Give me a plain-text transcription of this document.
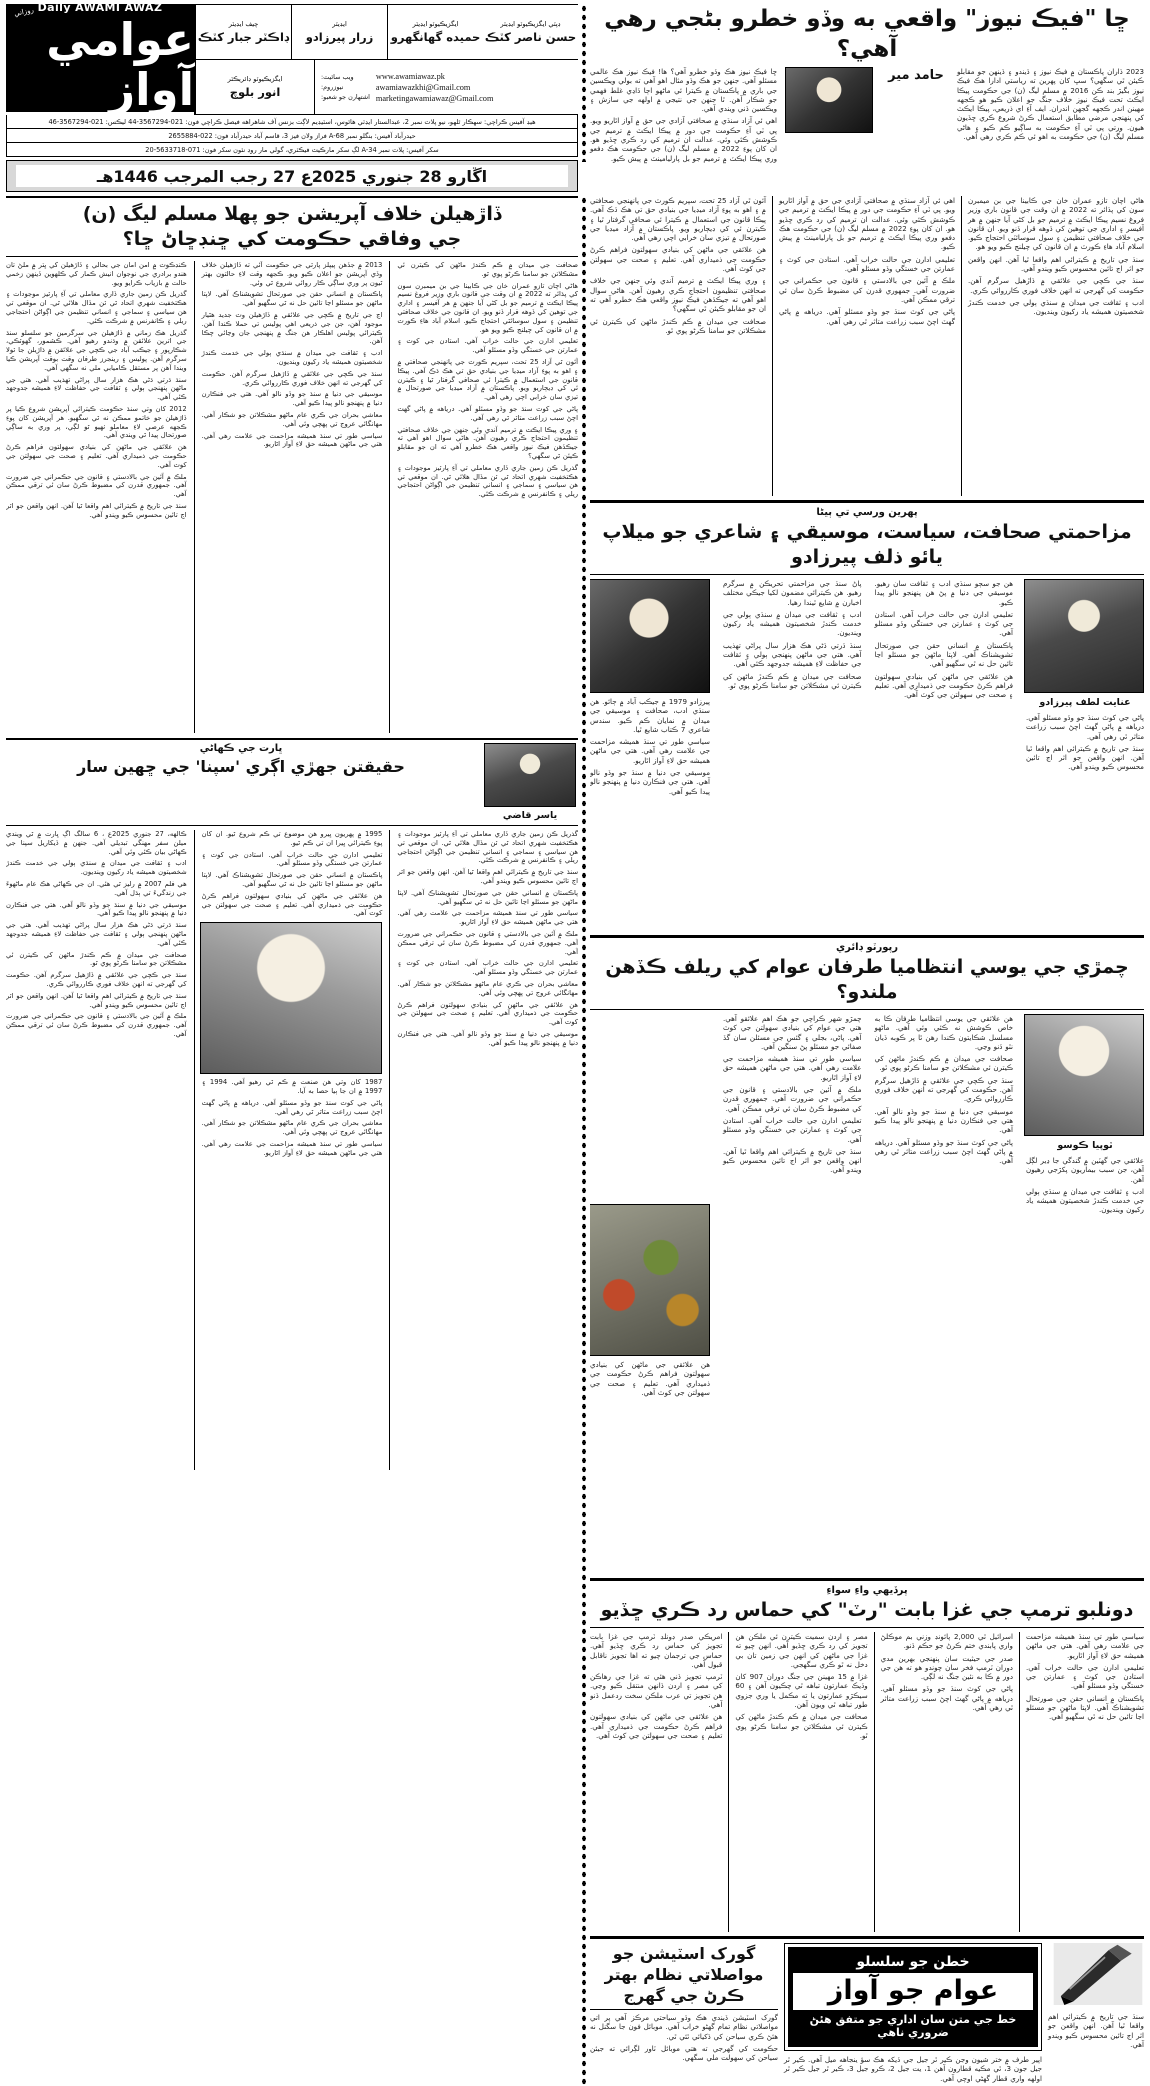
روزاني Daily AWAMI AWAZ
عوامي آواز
چيف ايڊيٽر
ڊاڪٽر جبار کٽڪ
ايڊيٽر
زرار پيرزادو
ايگزيڪيوٽو ايڊيٽر
حميده گھانگھرو
ڊپٽي ايگزيڪيوٽو ايڊيٽر
حسن ناصر کٽڪ
ايگزيڪيوٽو ڊائريڪٽر
انور بلوچ
ويب سائيٽ:
نيوزروم:
اشتهارن جو شعبو:
www.awamiawaz.pk
awamiawazkhi@Gmail.com
marketingawamiawaz@Gmail.com
هيڊ آفيس ڪراچي: سهڪار ٿلهو، نيو پلاٽ نمبر 2، عبدالستار ايڊٽي هائوس، اسٽيڊيم لاڳت بزنس آف شاهراهه فيصل ڪراچي فون: 021-3567294-44 ليڪس: 021-3567294-46
حيدرآباد آفيس: بنگلو نمبر A-68 فراز ولان فيز 3، قاسم آباد حيدرآباد فون: 022-2655884
سکر آفيس: پلاٽ نمبر A-34 لڳ سکر مارڪيٽ فيڪٽري، گولي مار روڊ نئون سکر فون: 071-5633718-20
اڱارو 28 جنوري 2025ع 27 رجب المرجب 1446هـ
ڇا "فيڪ نيوز" واقعي به وڏو خطرو بڻجي رهي آهي؟

ڇا فيڪ نيوز هڪ وڏو خطرو آهي؟ ها! فيڪ نيوز هڪ عالمي مسئلو آهي. جنهن جو هڪ وڏو مثال اهو آهي ته بولي ويڪسين جي باري ۾ پاڪستان ۾ ڪيترا ئي ماڻهو اڄا ڏاڍي غلط فهمي جو شڪار آهن. ٿا جنهن جي نتيجي ۾ اولهه جي سازش ۽ ويڪسين ڏني ويندي آهي.

اهي ئي آزاد سنڌي ۾ صحافتي آزادي جي حق ۾ آواز اٿاريو ويو. پي ٽي آءِ حڪومت جي دور ۾ پيڪا ايڪٽ ۾ ترميم جي ڪوشش ڪئي وئي. عدالت ان ترميم کي رد ڪري ڇڏيو هو. ان کان پوءِ 2022 ۾ مسلم ليگ (ن) جي حڪومت هڪ دفعو وري پيڪا ايڪٽ ۾ ترميم جو بل پارليامينٽ ۾ پيش ڪيو.

حامد مير	2023 ڌاران پاڪستان ۾ فيڪ نيوز ۽ ڏيندو ۽ ڏينهن جو مقابلو ڪيئن ٿي سگهي؟ سڀ کان پهرين ته رياستي ادارا هڪ فيڪ نيوز بگيڙ بند ڪن 2016 ۾ مسلم ليگ (ن) جي حڪومت پيڪا ايڪٽ تحت فيڪ نيوز خلاف جنگ جو اعلان ڪيو هو ڪجهه مهينن اندر ڪجهه گجهن اندران. ايف آءِ اي ذريعي، پيڪا ايڪٽ کي پنهنجي مرضي مطابق استعمال ڪرڻ شروع ڪري ڇڏيون هيون. ورتي پي ٽي آءِ حڪومت به ساڳيو ڪم ڪيو ۽ هاڻي مسلم ليگ (ن) جي حڪومت به اهو ئي ڪم ڪري رهي آهي.

ڏاڙهيلن خلاف آپريشن جو پهلا مسلم ليگ (ن)
جي وفاقي حڪومت کي ڇنڊڇاڻ ڇا؟

ڪنڊڪوٽ ۾ امن امان جي بحالي ۽ ڏاڙهيلن کي ڀتر ۾ ملڻ تان هندو برادري جي نوجوان انيش ڪمار کي ڪلهوين ڏينهن زخمي حالت ۾ بازياب ڪرايو ويو.

گذريل ڪن زمين جاري ڏاري معاملي تي آءِ پارٽيز موجودات ۽ هڪتخفيت شهري اتحاد ٿي ٽن مڏال هلائي ٿي. ان موقعي تي هن سياسي ۽ سماجي ۽ انساني تنظيمن جي اڳواڻن احتجاجي ريلي ۽ ڪانفرنس ۾ شرڪت ڪئي.

گذريل هڪ زماني ۾ ڏاڙهيلن جي سرگرمين جو سلسلو سنڌ جي اترين علائقن ۾ وڌندو رهيو آهي. ڪشمور، گھوٽڪي، شڪارپور ۽ جيڪب آباد جي ڪچي جي علائقن ۾ ڌاڙيلن جا ٽولا سرگرم آهن. پوليس ۽ رينجرز طرفان وقت بوقت آپريشن ڪيا ويندا آهن پر مستقل ڪاميابي ملي نه سگهي آهي.

سنڌ ڌرتي ڌڻي هڪ هزار سال پراڻي تهذيب آهي. هتي جي ماڻهن پنهنجي ٻولي ۽ ثقافت جي حفاظت لاءِ هميشه جدوجهد ڪئي آهي.

2012 کان وٺي سنڌ حڪومت ڪيترائي آپريشن شروع ڪيا پر ڏاڙهيلن جو خاتمو ممڪن نه ٿي سگهيو. هر آپريشن کان پوءِ ڪجهه عرصي لاءِ معاملو ٺهيو ٿو لڳي، پر وري به ساڳي صورتحال پيدا ٿي ويندي آهي.

هن علائقي جي ماڻهن کي بنيادي سهولتون فراهم ڪرڻ حڪومت جي ذميداري آهي. تعليم ۽ صحت جي سهولتن جي کوٽ آهي.

ملڪ ۾ آئين جي بالادستي ۽ قانون جي حڪمراني جي ضرورت آهي. جمهوري قدرن کي مضبوط ڪرڻ سان ئي ترقي ممڪن آهي.

سنڌ جي تاريخ ۾ ڪيترائي اهم واقعا ٿيا آهن. انهن واقعن جو اثر اڄ تائين محسوس ڪيو ويندو آهي.

2013 ۾ جڏهن پيپلز پارٽي جي حڪومت آئي ته ڏاڙهيلن خلاف وڏي آپريشن جو اعلان ڪيو ويو. ڪجهه وقت لاءِ حالتون بهتر ٿيون پر وري ساڳي ڪار روائي شروع ٿي وئي.

پاڪستان ۾ انساني حقن جي صورتحال تشويشناڪ آهي. لاپتا ماڻهن جو مسئلو اڃا تائين حل نه ٿي سگهيو آهي.

اڄ جي تاريخ ۾ ڪچي جي علائقي ۾ ڏاڙهيلن وٽ جديد هٿيار موجود آهن، جن جي ذريعي اهي پوليس تي حملا ڪندا آهن. ڪيترائي پوليس اهلڪار هن جنگ ۾ پنهنجي جان وڃائي چڪا آهن.

ادب ۽ ثقافت جي ميدان ۾ سنڌي ٻولي جي خدمت ڪندڙ شخصيتون هميشه ياد رکيون وينديون.

سنڌ جي ڪچي جي علائقي ۾ ڏاڙهيل سرگرم آهن. حڪومت کي گهرجي ته انهن خلاف فوري ڪارروائي ڪري.

موسيقي جي دنيا ۾ سنڌ جو وڏو نالو آهي. هتي جي فنڪارن دنيا ۾ پنهنجو نالو پيدا ڪيو آهي.

معاشي بحران جي ڪري عام ماڻهو مشڪلاتن جو شڪار آهي. مهانگائي عروج تي پهچي وئي آهي.

سياسي طور تي سنڌ هميشه مزاحمت جي علامت رهي آهي. هتي جي ماڻهن هميشه حق لاءِ آواز اٿاريو.

صحافت جي ميدان ۾ ڪم ڪندڙ ماڻهن کي ڪيترن ئي مشڪلاتن جو سامنا ڪرڻو پوي ٿو.

هاڻي اچان تازو عمران خان جي ڪابينا جي بن ميمبرن سون کي پڌائر ته 2022 ۾ ان وقت جي قانون باري وزير فروغ نسيم پيڪا ايڪٽ ۾ ترميم جو بل کڻي آيا جنهن ۾ هر آفيسر ۽ اداري جي توهين کي ڏوهه قرار ڏنو ويو. ان قانون جي خلاف صحافتي تنظيمن ۽ سول سوسائٽي احتجاج ڪيو. اسلام آباد هاءِ ڪورٽ ۾ ان قانون کي چيلنج ڪيو ويو هو.

تعليمي ادارن جي حالت خراب آهي. استادن جي کوٽ ۽ عمارتن جي خستگي وڏو مسئلو آهي.

آئون ٿي آزاد 25 تحت، سپريم ڪورٽ جي پانهنجي صحافتي ۾ ۽ اهو به پوءِ آزاد ميڊيا جي بنيادي حق تي هڪ ڌڪ آهي. پيڪا قانون جي استعمال ۾ ڪيترا ئي صحافي گرفتار ٿيا ۽ ڪيترن ئي کي ڊيڄاريو ويو. پاڪستان ۾ آزاد ميڊيا جي صورتحال ۾ تيزي سان خرابي اچي رهي آهي.

پاڻي جي کوٽ سنڌ جو وڏو مسئلو آهي. درياهه ۾ پاڻي گهٽ اچڻ سبب زراعت متاثر ٿي رهي آهي.

۽ وري پيڪا ايڪٽ ۾ ترميم آندي وئي جنهن جي خلاف صحافتي تنظيمون احتجاج ڪري رهيون آهن. هاڻي سوال اهو آهي ته جيڪڏهن فيڪ نيوز واقعي هڪ خطرو آهي ته ان جو مقابلو ڪيئن ٿي سگهي؟

گذريل ڪن زمين جاري ڏاري معاملي تي آءِ پارٽيز موجودات ۽ هڪتخفيت شهري اتحاد ٿي ٽن مڏال هلائي ٿي. ان موقعي تي هن سياسي ۽ سماجي ۽ انساني تنظيمن جي اڳواڻن احتجاجي ريلي ۽ ڪانفرنس ۾ شرڪت ڪئي.

ڀارت جي ڪهاڻي
حقيقتن جهڙي اڳري 'سپنا' جي ڇهين سار
ياسر قاضي

ڪالهه، 27 جنوري 2025ع ، 6 سالگ اڳ ڀارت ۾ ٿي ويندي ميلن سفر مهنگي تبديلي آهي. جنهن ۾ ڏيکاريل سپنا جي ڪهاڻي بيان ڪئي وئي آهي.

ادب ۽ ثقافت جي ميدان ۾ سنڌي ٻولي جي خدمت ڪندڙ شخصيتون هميشه ياد رکيون وينديون.

هي فلم 2007 ۾ رليز ٿي هئي. ان جي ڪهاڻي هڪ عام ماڻهوءَ جي زندگيءَ تي ٻڌل آهي.

موسيقي جي دنيا ۾ سنڌ جو وڏو نالو آهي. هتي جي فنڪارن دنيا ۾ پنهنجو نالو پيدا ڪيو آهي.

سنڌ ڌرتي ڌڻي هڪ هزار سال پراڻي تهذيب آهي. هتي جي ماڻهن پنهنجي ٻولي ۽ ثقافت جي حفاظت لاءِ هميشه جدوجهد ڪئي آهي.

صحافت جي ميدان ۾ ڪم ڪندڙ ماڻهن کي ڪيترن ئي مشڪلاتن جو سامنا ڪرڻو پوي ٿو.

سنڌ جي ڪچي جي علائقي ۾ ڏاڙهيل سرگرم آهن. حڪومت کي گهرجي ته انهن خلاف فوري ڪارروائي ڪري.

سنڌ جي تاريخ ۾ ڪيترائي اهم واقعا ٿيا آهن. انهن واقعن جو اثر اڄ تائين محسوس ڪيو ويندو آهي.

ملڪ ۾ آئين جي بالادستي ۽ قانون جي حڪمراني جي ضرورت آهي. جمهوري قدرن کي مضبوط ڪرڻ سان ئي ترقي ممڪن آهي.

1995 ۾ پهريون ڀيرو هن موضوع تي ڪم شروع ٿيو. ان کان پوءِ ڪيترائي ڀيرا ان تي ڪم ٿيو.

تعليمي ادارن جي حالت خراب آهي. استادن جي کوٽ ۽ عمارتن جي خستگي وڏو مسئلو آهي.

پاڪستان ۾ انساني حقن جي صورتحال تشويشناڪ آهي. لاپتا ماڻهن جو مسئلو اڃا تائين حل نه ٿي سگهيو آهي.

هن علائقي جي ماڻهن کي بنيادي سهولتون فراهم ڪرڻ حڪومت جي ذميداري آهي. تعليم ۽ صحت جي سهولتن جي کوٽ آهي.

1987 کان وٺي هن صنعت ۾ ڪم ٿي رهيو آهي. 1994 ۽ 1997 ۾ ان جا ٻيا حصا به آيا.

پاڻي جي کوٽ سنڌ جو وڏو مسئلو آهي. درياهه ۾ پاڻي گهٽ اچڻ سبب زراعت متاثر ٿي رهي آهي.

معاشي بحران جي ڪري عام ماڻهو مشڪلاتن جو شڪار آهي. مهانگائي عروج تي پهچي وئي آهي.

سياسي طور تي سنڌ هميشه مزاحمت جي علامت رهي آهي. هتي جي ماڻهن هميشه حق لاءِ آواز اٿاريو.

گذريل ڪن زمين جاري ڏاري معاملي تي آءِ پارٽيز موجودات ۽ هڪتخفيت شهري اتحاد ٿي ٽن مڏال هلائي ٿي. ان موقعي تي هن سياسي ۽ سماجي ۽ انساني تنظيمن جي اڳواڻن احتجاجي ريلي ۽ ڪانفرنس ۾ شرڪت ڪئي.

سنڌ جي تاريخ ۾ ڪيترائي اهم واقعا ٿيا آهن. انهن واقعن جو اثر اڄ تائين محسوس ڪيو ويندو آهي.

پاڪستان ۾ انساني حقن جي صورتحال تشويشناڪ آهي. لاپتا ماڻهن جو مسئلو اڃا تائين حل نه ٿي سگهيو آهي.

سياسي طور تي سنڌ هميشه مزاحمت جي علامت رهي آهي. هتي جي ماڻهن هميشه حق لاءِ آواز اٿاريو.

ملڪ ۾ آئين جي بالادستي ۽ قانون جي حڪمراني جي ضرورت آهي. جمهوري قدرن کي مضبوط ڪرڻ سان ئي ترقي ممڪن آهي.

تعليمي ادارن جي حالت خراب آهي. استادن جي کوٽ ۽ عمارتن جي خستگي وڏو مسئلو آهي.

معاشي بحران جي ڪري عام ماڻهو مشڪلاتن جو شڪار آهي. مهانگائي عروج تي پهچي وئي آهي.

هن علائقي جي ماڻهن کي بنيادي سهولتون فراهم ڪرڻ حڪومت جي ذميداري آهي. تعليم ۽ صحت جي سهولتن جي کوٽ آهي.

موسيقي جي دنيا ۾ سنڌ جو وڏو نالو آهي. هتي جي فنڪارن دنيا ۾ پنهنجو نالو پيدا ڪيو آهي.

آئون ٿي آزاد 25 تحت، سپريم ڪورٽ جي پانهنجي صحافتي ۾ ۽ اهو به پوءِ آزاد ميڊيا جي بنيادي حق تي هڪ ڌڪ آهي. پيڪا قانون جي استعمال ۾ ڪيترا ئي صحافي گرفتار ٿيا ۽ ڪيترن ئي کي ڊيڄاريو ويو. پاڪستان ۾ آزاد ميڊيا جي صورتحال ۾ تيزي سان خرابي اچي رهي آهي.

هن علائقي جي ماڻهن کي بنيادي سهولتون فراهم ڪرڻ حڪومت جي ذميداري آهي. تعليم ۽ صحت جي سهولتن جي کوٽ آهي.

۽ وري پيڪا ايڪٽ ۾ ترميم آندي وئي جنهن جي خلاف صحافتي تنظيمون احتجاج ڪري رهيون آهن. هاڻي سوال اهو آهي ته جيڪڏهن فيڪ نيوز واقعي هڪ خطرو آهي ته ان جو مقابلو ڪيئن ٿي سگهي؟

صحافت جي ميدان ۾ ڪم ڪندڙ ماڻهن کي ڪيترن ئي مشڪلاتن جو سامنا ڪرڻو پوي ٿو.

اهي ئي آزاد سنڌي ۾ صحافتي آزادي جي حق ۾ آواز اٿاريو ويو. پي ٽي آءِ حڪومت جي دور ۾ پيڪا ايڪٽ ۾ ترميم جي ڪوشش ڪئي وئي. عدالت ان ترميم کي رد ڪري ڇڏيو هو. ان کان پوءِ 2022 ۾ مسلم ليگ (ن) جي حڪومت هڪ دفعو وري پيڪا ايڪٽ ۾ ترميم جو بل پارليامينٽ ۾ پيش ڪيو.

تعليمي ادارن جي حالت خراب آهي. استادن جي کوٽ ۽ عمارتن جي خستگي وڏو مسئلو آهي.

ملڪ ۾ آئين جي بالادستي ۽ قانون جي حڪمراني جي ضرورت آهي. جمهوري قدرن کي مضبوط ڪرڻ سان ئي ترقي ممڪن آهي.

پاڻي جي کوٽ سنڌ جو وڏو مسئلو آهي. درياهه ۾ پاڻي گهٽ اچڻ سبب زراعت متاثر ٿي رهي آهي.

هاڻي اچان تازو عمران خان جي ڪابينا جي بن ميمبرن سون کي پڌائر ته 2022 ۾ ان وقت جي قانون باري وزير فروغ نسيم پيڪا ايڪٽ ۾ ترميم جو بل کڻي آيا جنهن ۾ هر آفيسر ۽ اداري جي توهين کي ڏوهه قرار ڏنو ويو. ان قانون جي خلاف صحافتي تنظيمن ۽ سول سوسائٽي احتجاج ڪيو. اسلام آباد هاءِ ڪورٽ ۾ ان قانون کي چيلنج ڪيو ويو هو.

سنڌ جي تاريخ ۾ ڪيترائي اهم واقعا ٿيا آهن. انهن واقعن جو اثر اڄ تائين محسوس ڪيو ويندو آهي.

سنڌ جي ڪچي جي علائقي ۾ ڏاڙهيل سرگرم آهن. حڪومت کي گهرجي ته انهن خلاف فوري ڪارروائي ڪري.

ادب ۽ ثقافت جي ميدان ۾ سنڌي ٻولي جي خدمت ڪندڙ شخصيتون هميشه ياد رکيون وينديون.

پهرين ورسي تي ٻيڻا
مزاحمتي صحافت، سياست، موسيقي ۽ شاعري جو ميلاپ يائو ذلف پيرزادو

پيرزادو 1979 ۾ جيڪب آباد ۾ ڄائو. هن سنڌي ادب، صحافت ۽ موسيقي جي ميدان ۾ نمايان ڪم ڪيو. سندس شاعري 7 ڪتاب شايع ٿيا.

سياسي طور تي سنڌ هميشه مزاحمت جي علامت رهي آهي. هتي جي ماڻهن هميشه حق لاءِ آواز اٿاريو.

موسيقي جي دنيا ۾ سنڌ جو وڏو نالو آهي. هتي جي فنڪارن دنيا ۾ پنهنجو نالو پيدا ڪيو آهي.

پاڻ سنڌ جي مزاحمتي تحريڪن ۾ سرگرم رهيو. هن ڪيترائي مضمون لکيا جيڪي مختلف اخبارن ۾ شايع ٿيندا رهيا.

ادب ۽ ثقافت جي ميدان ۾ سنڌي ٻولي جي خدمت ڪندڙ شخصيتون هميشه ياد رکيون وينديون.

سنڌ ڌرتي ڌڻي هڪ هزار سال پراڻي تهذيب آهي. هتي جي ماڻهن پنهنجي ٻولي ۽ ثقافت جي حفاظت لاءِ هميشه جدوجهد ڪئي آهي.

صحافت جي ميدان ۾ ڪم ڪندڙ ماڻهن کي ڪيترن ئي مشڪلاتن جو سامنا ڪرڻو پوي ٿو.

هن جو سڄو سنڌي ادب ۽ ثقافت سان رهيو. موسيقي جي دنيا ۾ پڻ هن پنهنجو نالو پيدا ڪيو.

تعليمي ادارن جي حالت خراب آهي. استادن جي کوٽ ۽ عمارتن جي خستگي وڏو مسئلو آهي.

پاڪستان ۾ انساني حقن جي صورتحال تشويشناڪ آهي. لاپتا ماڻهن جو مسئلو اڃا تائين حل نه ٿي سگهيو آهي.

هن علائقي جي ماڻهن کي بنيادي سهولتون فراهم ڪرڻ حڪومت جي ذميداري آهي. تعليم ۽ صحت جي سهولتن جي کوٽ آهي.

عنايت لطف پيرزادو

پاڻي جي کوٽ سنڌ جو وڏو مسئلو آهي. درياهه ۾ پاڻي گهٽ اچڻ سبب زراعت متاثر ٿي رهي آهي.

سنڌ جي تاريخ ۾ ڪيترائي اهم واقعا ٿيا آهن. انهن واقعن جو اثر اڄ تائين محسوس ڪيو ويندو آهي.

رپورٽو ڊائري
چمڙي جي يوسي انتظاميا طرفان عوام کي ريلف ڪڏهن ملندو؟

هن علائقي جي ماڻهن کي بنيادي سهولتون فراهم ڪرڻ حڪومت جي ذميداري آهي. تعليم ۽ صحت جي سهولتن جي کوٽ آهي.

چمڙو شهر ڪراچي جو هڪ اهم علائقو آهي. هتي جي عوام کي بنيادي سهولتن جي کوٽ آهي. پاڻي، بجلي ۽ گئس جي مسئلن سان گڏ صفائي جو مسئلو پڻ سنگين آهي.

سياسي طور تي سنڌ هميشه مزاحمت جي علامت رهي آهي. هتي جي ماڻهن هميشه حق لاءِ آواز اٿاريو.

ملڪ ۾ آئين جي بالادستي ۽ قانون جي حڪمراني جي ضرورت آهي. جمهوري قدرن کي مضبوط ڪرڻ سان ئي ترقي ممڪن آهي.

تعليمي ادارن جي حالت خراب آهي. استادن جي کوٽ ۽ عمارتن جي خستگي وڏو مسئلو آهي.

سنڌ جي تاريخ ۾ ڪيترائي اهم واقعا ٿيا آهن. انهن واقعن جو اثر اڄ تائين محسوس ڪيو ويندو آهي.

هن علائقي جي يوسي انتظاميا طرفان ڪا به خاص ڪوشش نه ڪئي وئي آهي. ماڻهو مسلسل شڪايتون ڪندا رهن ٿا پر ڪوبه ڌيان نٿو ڏنو وڃي.

صحافت جي ميدان ۾ ڪم ڪندڙ ماڻهن کي ڪيترن ئي مشڪلاتن جو سامنا ڪرڻو پوي ٿو.

سنڌ جي ڪچي جي علائقي ۾ ڏاڙهيل سرگرم آهن. حڪومت کي گهرجي ته انهن خلاف فوري ڪارروائي ڪري.

موسيقي جي دنيا ۾ سنڌ جو وڏو نالو آهي. هتي جي فنڪارن دنيا ۾ پنهنجو نالو پيدا ڪيو آهي.

پاڻي جي کوٽ سنڌ جو وڏو مسئلو آهي. درياهه ۾ پاڻي گهٽ اچڻ سبب زراعت متاثر ٿي رهي آهي.

ٽوپيا ڪوسو

علائقي جي گهٽين ۾ گندگي جا ڍير لڳل آهن، جن سبب بيماريون پکڙجي رهيون آهن.

ادب ۽ ثقافت جي ميدان ۾ سنڌي ٻولي جي خدمت ڪندڙ شخصيتون هميشه ياد رکيون وينديون.

پرڏيهي واءِ سواءِ
دونلبو ترمپ جي غزا بابت "رٽ" کي حماس رد ڪري ڇڏيو

امريڪي صدر ڊونلڊ ٽرمپ جي غزا بابت تجويز کي حماس رد ڪري ڇڏيو آهي. حماس جي ترجمان چيو ته اها تجويز ناقابل قبول آهي.

ٽرمپ تجويز ڏني هئي ته غزا جي رهاڪن کي مصر ۽ اردن ڏانهن منتقل ڪيو وڃي. هن تجويز تي عرب ملڪن سخت ردعمل ڏنو آهي.

هن علائقي جي ماڻهن کي بنيادي سهولتون فراهم ڪرڻ حڪومت جي ذميداري آهي. تعليم ۽ صحت جي سهولتن جي کوٽ آهي.

مصر ۽ اردن سميت ڪيترن ئي ملڪن هن تجويز کي رد ڪري ڇڏيو آهي. انهن چيو ته غزا جي ماڻهن کي انهن جي زمين تان بي دخل نه ٿو ڪري سگهجي.

غزا ۾ 15 مهينن جي جنگ دوران 907 کان وڌيڪ عمارتون تباهه ٿي چڪيون آهن ۽ 60 سيڪڙو عمارتون يا ته مڪمل يا وري جزوي طور تباهه ٿي ويون آهن.

صحافت جي ميدان ۾ ڪم ڪندڙ ماڻهن کي ڪيترن ئي مشڪلاتن جو سامنا ڪرڻو پوي ٿو.

اسرائيل ٿي 2,000 پائونڊ وزني بم موڪلڻ واري پابندي ختم ڪرڻ جو حڪم ڏنو.

صدر جي حيثيت سان پنهنجي بهرين مدي دوران ٽرمپ فخر سان چوندو هو ته هن جي دور ۾ ڪا به نئين جنگ نه لڳي.

پاڻي جي کوٽ سنڌ جو وڏو مسئلو آهي. درياهه ۾ پاڻي گهٽ اچڻ سبب زراعت متاثر ٿي رهي آهي.

سياسي طور تي سنڌ هميشه مزاحمت جي علامت رهي آهي. هتي جي ماڻهن هميشه حق لاءِ آواز اٿاريو.

تعليمي ادارن جي حالت خراب آهي. استادن جي کوٽ ۽ عمارتن جي خستگي وڏو مسئلو آهي.

پاڪستان ۾ انساني حقن جي صورتحال تشويشناڪ آهي. لاپتا ماڻهن جو مسئلو اڃا تائين حل نه ٿي سگهيو آهي.

گورک اسٽيشن جو مواصلاتي نظام بهتر ڪرڻ جي گهرج

گورک اسٽيشن ڏيندي هڪ وڏو سياحتي مرڪز آهي پر اتي مواصلاتي نظام تمام گهڻو خراب آهي. موبائل فون جا سگنل نه هئڻ ڪري سياحن کي ڏکيائي ٿئي ٿي.

حڪومت کي گهرجي ته هتي موبائل ٽاور لڳرائي ته جيئن سياحن کي سهولت ملي سگهي.

خطن جو سلسلو
عوام جو آواز
خط جي متن سان اداري جو متفق هئڻ ضروري ناهي

اپير طرف ۾ ختر شيون وجن ڪير ٿر جيل جي ڏيکه هڪ سؤ ينجاهه ميل آهي. ڪير ٿر جيل جون 3، ٿي مڪيه قطارون آهن 1، يت جيل 2، ڪرو جيل 3، ڪير ٿر جيل ڪير ٿر اولهه واري قطار گهڻي اوچي آهي.

سنڌ جي تاريخ ۾ ڪيترائي اهم واقعا ٿيا آهن. انهن واقعن جو اثر اڄ تائين محسوس ڪيو ويندو آهي.
